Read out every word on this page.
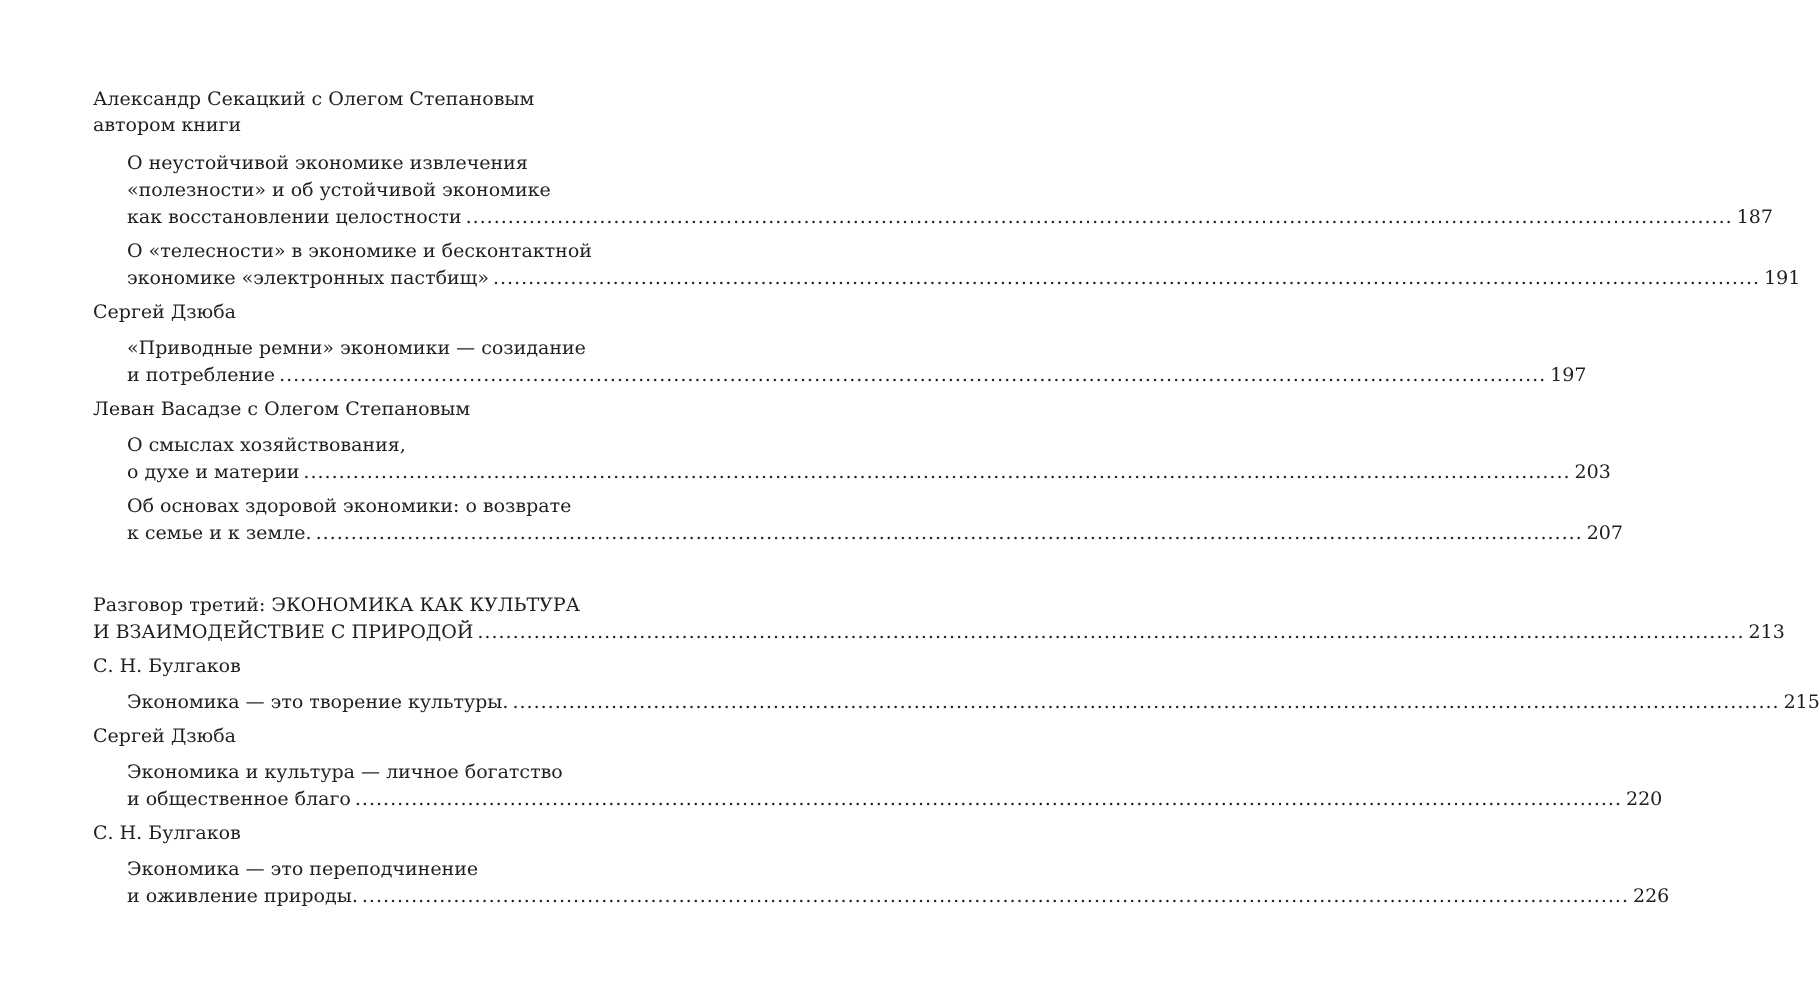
Александр Секацкий с Олегом Степановым
автором книги
О неустойчивой экономике извлечения
«полезности» и об устойчивой экономике
как восстановлении целостности .....	187
О «телесности» в экономике и бесконтактной
экономике «электронных пастбищ» .....	191
Сергей Дзюба
«Приводные ремни» экономики — созидание
и потребление .....	197
Леван Васадзе с Олегом Степановым
О смыслах хозяйствования,
о духе и материи .....	203
Об основах здоровой экономики: о возврате
к семье и к земле. .....	207
Разговор третий: ЭКОНОМИКА КАК КУЛЬТУРА
И ВЗАИМОДЕЙСТВИЕ С ПРИРОДОЙ .....	213
С. Н. Булгаков
Экономика — это творение культуры. .....	215
Сергей Дзюба
Экономика и культура — личное богатство
и общественное благо .....	220
С. Н. Булгаков
Экономика — это переподчинение
и оживление природы. .....	226
